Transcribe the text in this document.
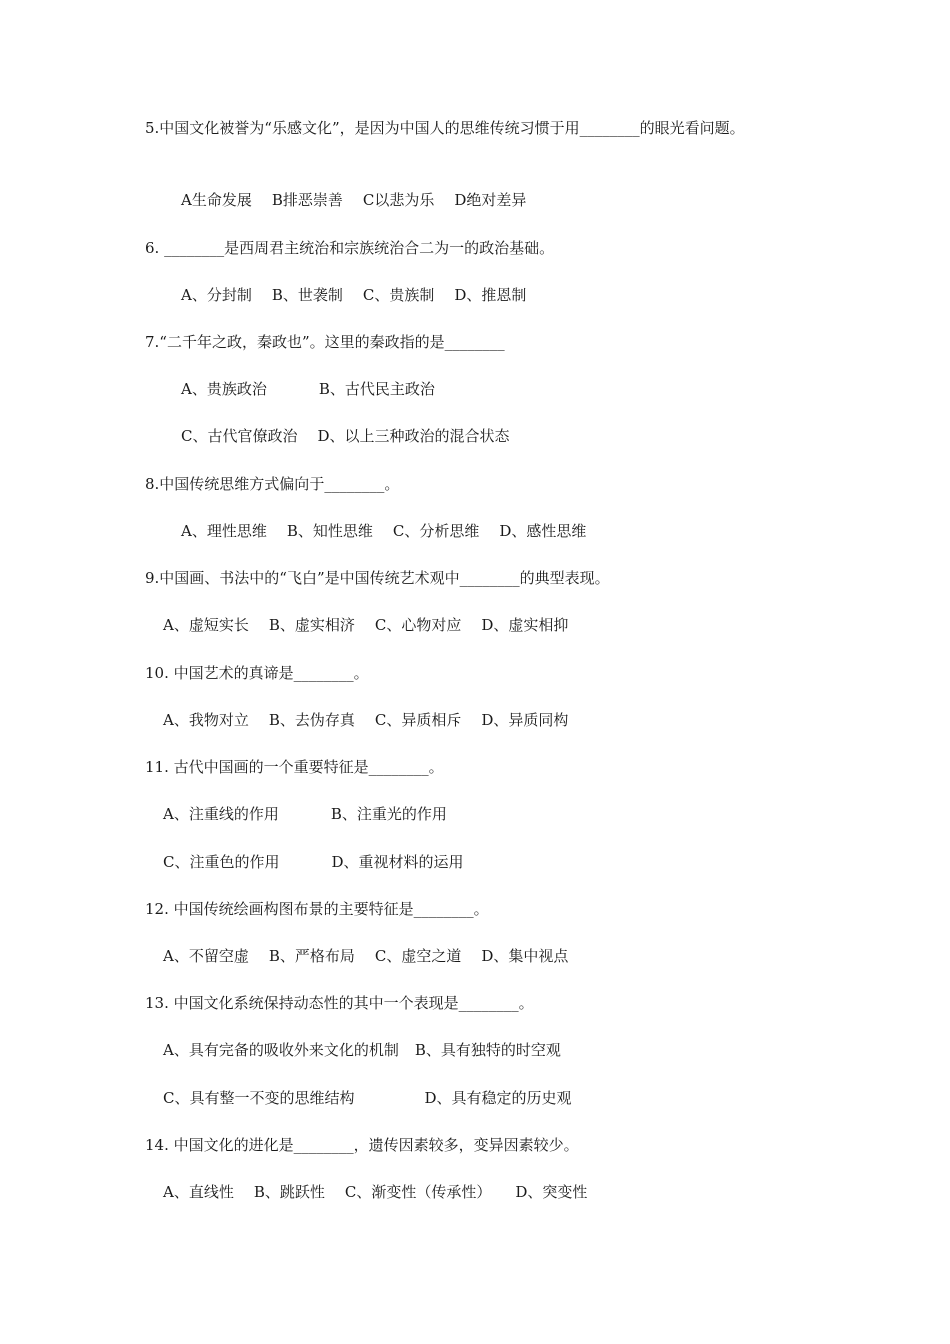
5.中国文化被誉为“乐感文化”，是因为中国人的思维传统习惯于用________的眼光看问题。
A生命发展 B排恶崇善 C以悲为乐 D绝对差异
6. ________是西周君主统治和宗族统治合二为一的政治基础。
A、分封制 B、世袭制 C、贵族制 D、推恩制
7.“二千年之政，秦政也”。这里的秦政指的是________
A、贵族政治	B、古代民主政治
C、古代官僚政治 D、以上三种政治的混合状态
8.中国传统思维方式偏向于________。
A、理性思维 B、知性思维 C、分析思维 D、感性思维
9.中国画、书法中的“飞白”是中国传统艺术观中________的典型表现。
A、虚短实长 B、虚实相济 C、心物对应 D、虚实相抑
10. 中国艺术的真谛是________。
A、我物对立 B、去伪存真 C、异质相斥 D、异质同构
11. 古代中国画的一个重要特征是________。
A、注重线的作用	B、注重光的作用
C、注重色的作用	D、重视材料的运用
12. 中国传统绘画构图布景的主要特征是________。
A、不留空虚 B、严格布局 C、虚空之道 D、集中视点
13. 中国文化系统保持动态性的其中一个表现是________。
A、具有完备的吸收外来文化的机制 B、具有独特的时空观
C、具有整一不变的思维结构	D、具有稳定的历史观
14. 中国文化的进化是________，遗传因素较多，变异因素较少。
A、直线性 B、跳跃性 C、渐变性（传承性） D、突变性
